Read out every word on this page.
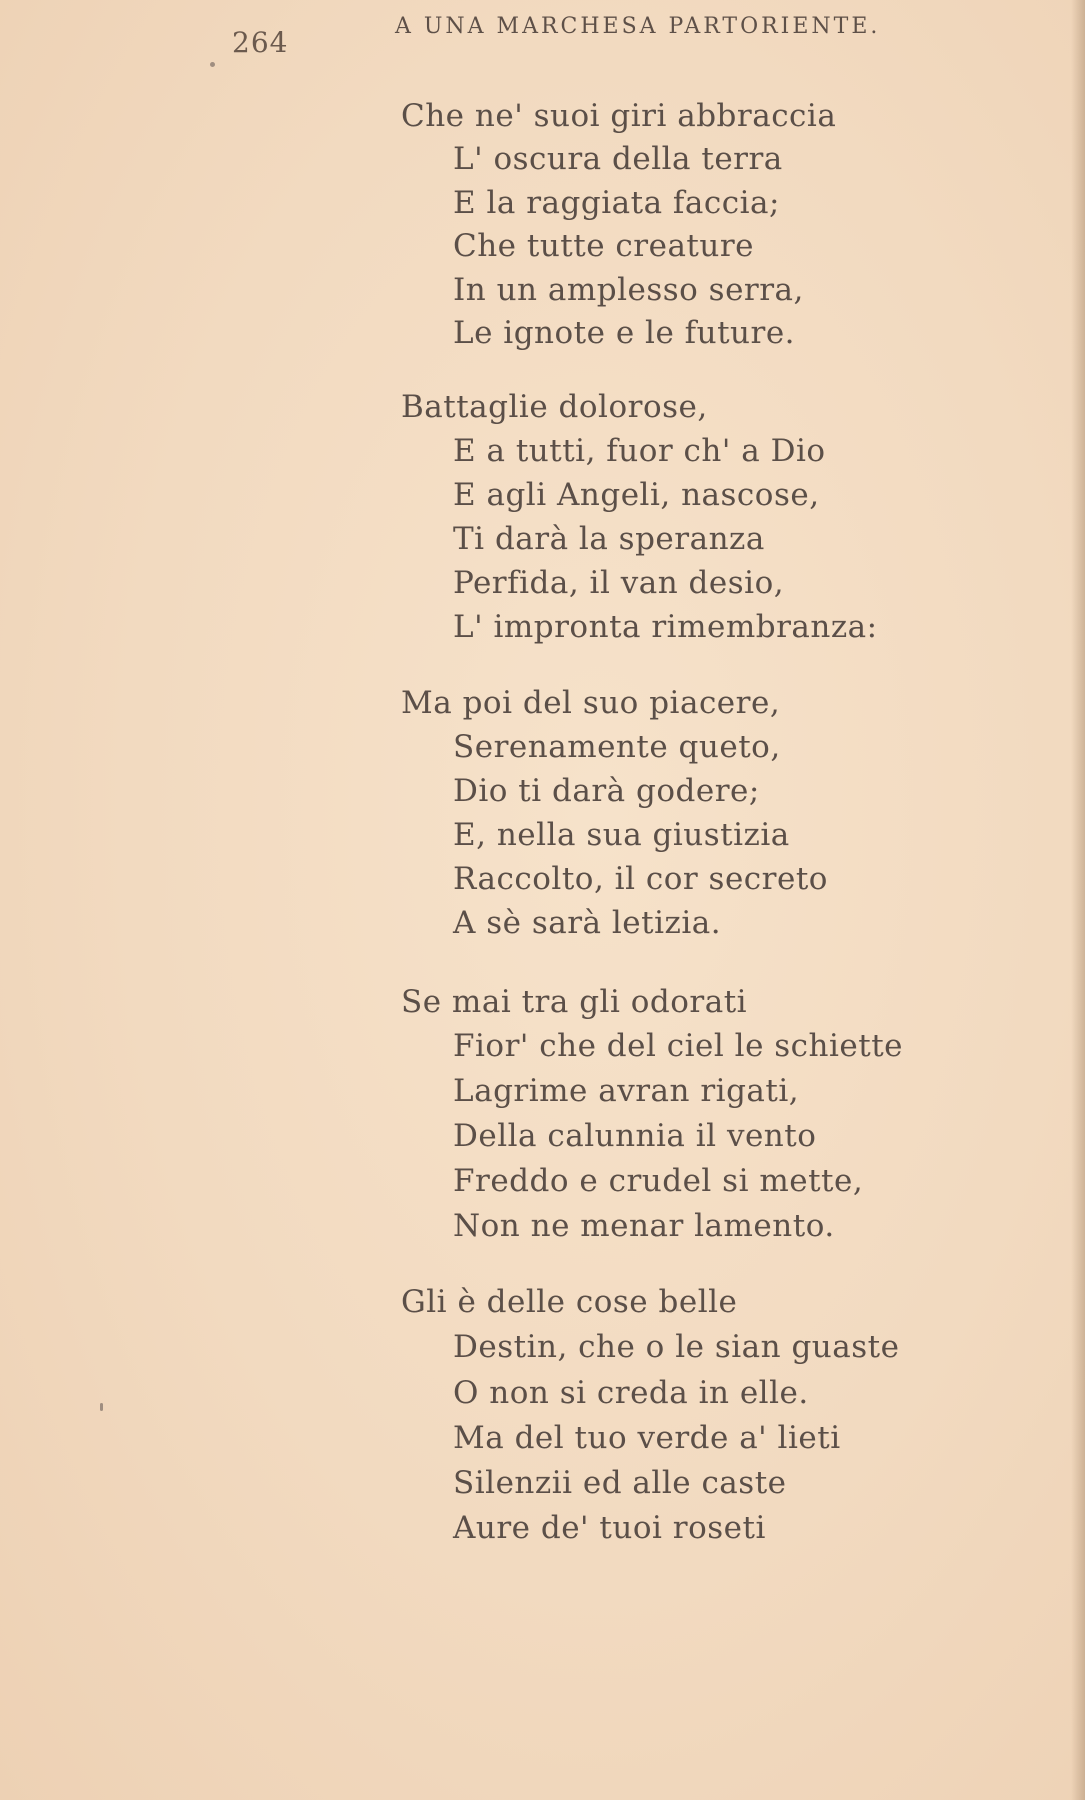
264	A UNA MARCHESA PARTORIENTE.
Che ne' suoi giri abbraccia
L' oscura della terra
E la raggiata faccia;
Che tutte creature
In un amplesso serra,
Le ignote e le future.
Battaglie dolorose,
E a tutti, fuor ch' a Dio
E agli Angeli, nascose,
Ti darà la speranza
Perfida, il van desio,
L' impronta rimembranza:
Ma poi del suo piacere,
Serenamente queto,
Dio ti darà godere;
E, nella sua giustizia
Raccolto, il cor secreto
A sè sarà letizia.
Se mai tra gli odorati
Fior' che del ciel le schiette
Lagrime avran rigati,
Della calunnia il vento
Freddo e crudel si mette,
Non ne menar lamento.
Gli è delle cose belle
Destin, che o le sian guaste
O non si creda in elle.
Ma del tuo verde a' lieti
Silenzii ed alle caste
Aure de' tuoi roseti
